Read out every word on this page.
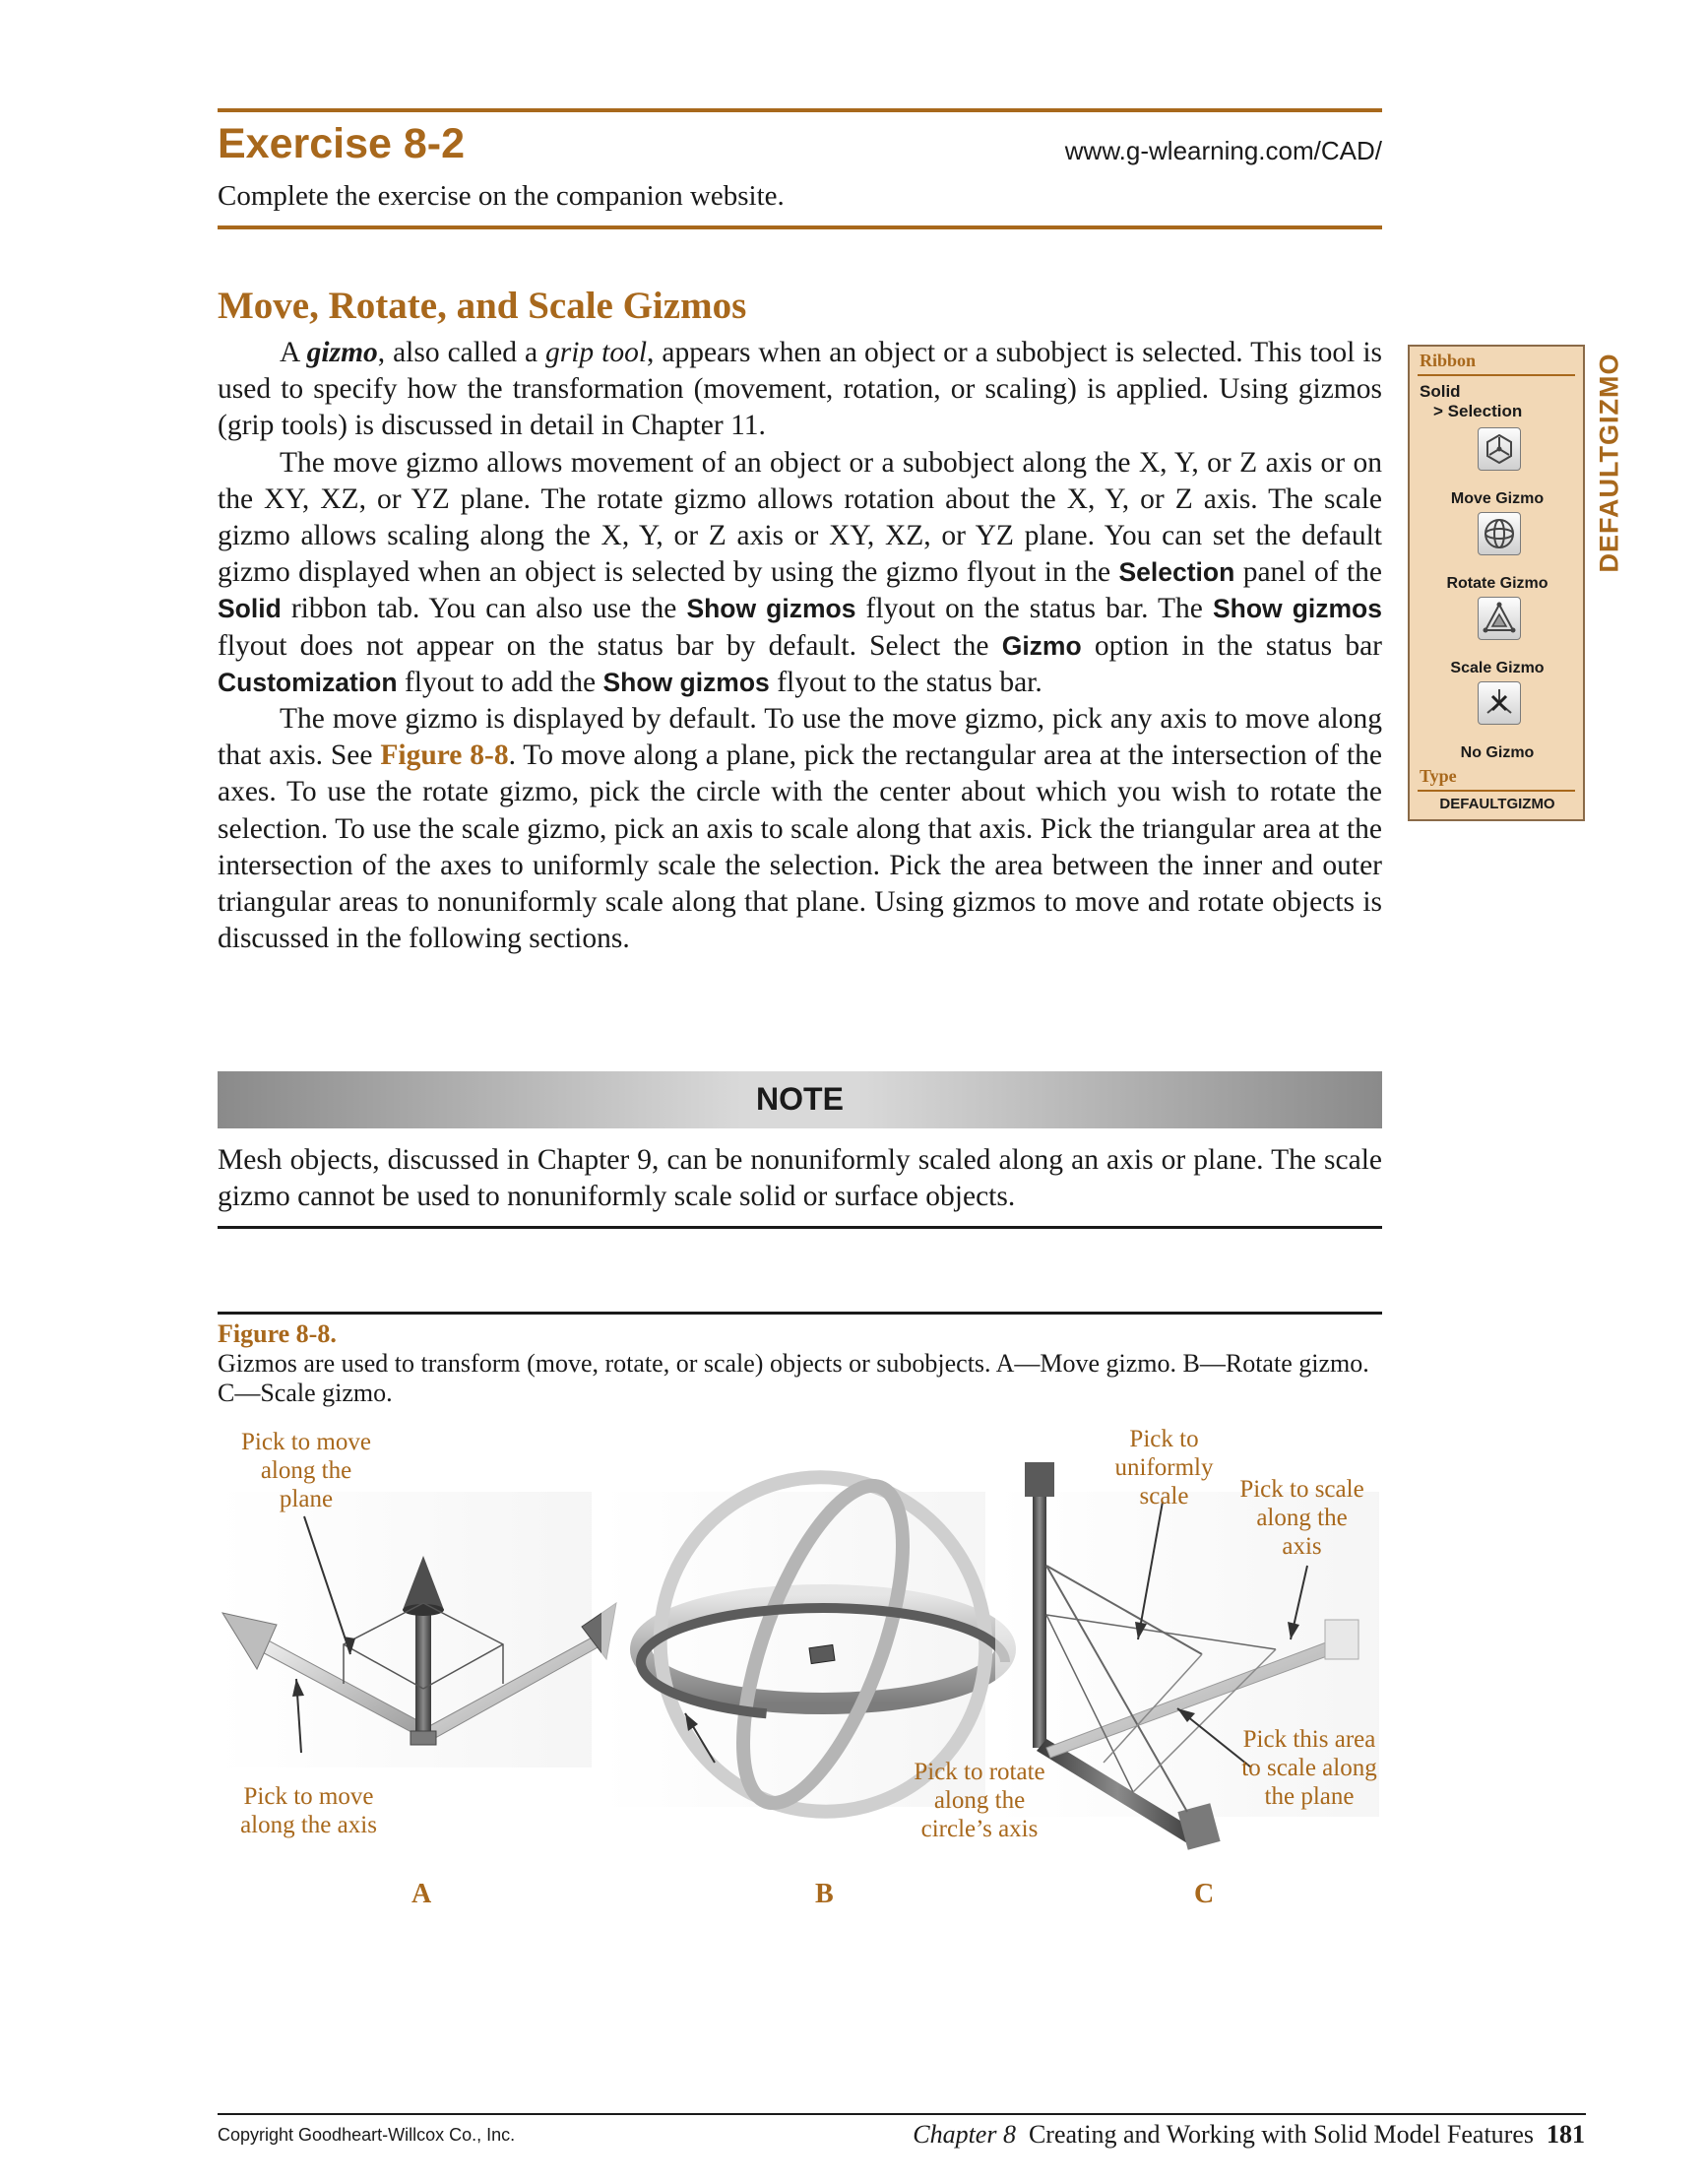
Exercise 8-2	www.g-wlearning.com/CAD/
Complete the exercise on the companion website.
Move, Rotate, and Scale Gizmos

A gizmo, also called a grip tool, appears when an object or a subobject is selected. This tool is used to specify how the transformation (movement, rotation, or scaling) is applied. Using gizmos (grip tools) is discussed in detail in Chapter 11.

The move gizmo allows movement of an object or a subobject along the X, Y, or Z axis or on the XY, XZ, or YZ plane. The rotate gizmo allows rotation about the X, Y, or Z axis. The scale gizmo allows scaling along the X, Y, or Z axis or XY, XZ, or YZ plane. You can set the default gizmo displayed when an object is selected by using the gizmo flyout in the Selection panel of the Solid ribbon tab. You can also use the Show gizmos flyout on the status bar. The Show gizmos flyout does not appear on the status bar by default. Select the Gizmo option in the status bar Customization flyout to add the Show gizmos flyout to the status bar.

The move gizmo is displayed by default. To use the move gizmo, pick any axis to move along that axis. See Figure 8-8. To move along a plane, pick the rectangular area at the intersection of the axes. To use the rotate gizmo, pick the circle with the center about which you wish to rotate the selection. To use the scale gizmo, pick an axis to scale along that axis. Pick the triangular area at the intersection of the axes to uniformly scale the selection. Pick the area between the inner and outer triangular areas to nonuniformly scale along that plane. Using gizmos to move and rotate objects is discussed in the following sections.

Ribbon
Solid
> Selection
Move Gizmo
Rotate Gizmo
Scale Gizmo
No Gizmo
Type
DEFAULTGIZMO
DEFAULTGIZMO
NOTE
Mesh objects, discussed in Chapter 9, can be nonuniformly scaled along an axis or plane. The scale gizmo cannot be used to nonuniformly scale solid or surface objects.
Figure 8-8.
Gizmos are used to transform (move, rotate, or scale) objects or subobjects. A—Move gizmo. B—Rotate gizmo. C—Scale gizmo.
Pick to move along the plane
Pick to move along the axis
Pick to rotate along the circle’s axis
Pick to uniformly scale	Pick to scale along the axis
Pick this area to scale along the plane
A	B	C
Copyright Goodheart-Willcox Co., Inc.	Chapter 8 Creating and Working with Solid Model Features 181
